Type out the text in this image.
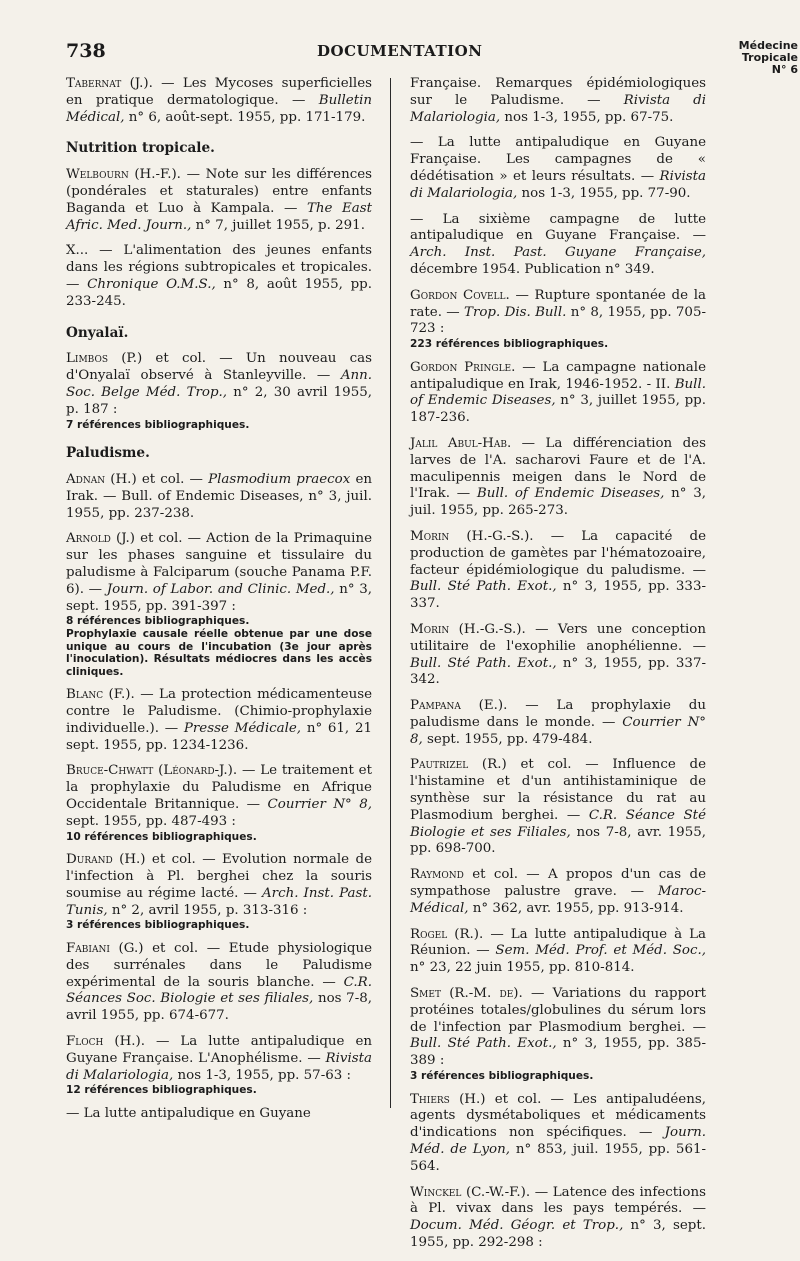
738	DOCUMENTATION	Médecine
Tropicale
N° 6
Tabernat (J.). — Les Mycoses superficielles en pratique dermatologique. — Bulletin Médical, n° 6, août-sept. 1955, pp. 171-179.
Nutrition tropicale.
Welbourn (H.-F.). — Note sur les différences (pondérales et staturales) entre enfants Baganda et Luo à Kampala. — The East Afric. Med. Journ., n° 7, juillet 1955, p. 291.
X... — L'alimentation des jeunes enfants dans les régions subtropicales et tropicales. — Chronique O.M.S., n° 8, août 1955, pp. 233-245.
Onyalaï.
Limbos (P.) et col. — Un nouveau cas d'Onyalaï observé à Stanleyville. — Ann. Soc. Belge Méd. Trop., n° 2, 30 avril 1955, p. 187 :
7 références bibliographiques.
Paludisme.
Adnan (H.) et col. — Plasmodium praecox en Irak. — Bull. of Endemic Diseases, n° 3, juil. 1955, pp. 237-238.
Arnold (J.) et col. — Action de la Primaquine sur les phases sanguine et tissulaire du paludisme à Falciparum (souche Panama P.F. 6). — Journ. of Labor. and Clinic. Med., n° 3, sept. 1955, pp. 391-397 :
8 références bibliographiques.
Prophylaxie causale réelle obtenue par une dose unique au cours de l'incubation (3e jour après l'inoculation). Résultats médiocres dans les accès cliniques.
Blanc (F.). — La protection médicamenteuse contre le Paludisme. (Chimio-prophylaxie individuelle.). — Presse Médicale, n° 61, 21 sept. 1955, pp. 1234-1236.
Bruce-Chwatt (Léonard-J.). — Le traitement et la prophylaxie du Paludisme en Afrique Occidentale Britannique. — Courrier N° 8, sept. 1955, pp. 487-493 :
10 références bibliographiques.
Durand (H.) et col. — Evolution normale de l'infection à Pl. berghei chez la souris soumise au régime lacté. — Arch. Inst. Past. Tunis, n° 2, avril 1955, p. 313-316 :
3 références bibliographiques.
Fabiani (G.) et col. — Etude physiologique des surrénales dans le Paludisme expérimental de la souris blanche. — C.R. Séances Soc. Biologie et ses filiales, nos 7-8, avril 1955, pp. 674-677.
Floch (H.). — La lutte antipaludique en Guyane Française. L'Anophélisme. — Rivista di Malariologia, nos 1-3, 1955, pp. 57-63 :
12 références bibliographiques.
— La lutte antipaludique en Guyane
Française. Remarques épidémiologiques sur le Paludisme. — Rivista di Malariologia, nos 1-3, 1955, pp. 67-75.
— La lutte antipaludique en Guyane Française. Les campagnes de « dédétisation » et leurs résultats. — Rivista di Malariologia, nos 1-3, 1955, pp. 77-90.
— La sixième campagne de lutte antipaludique en Guyane Française. — Arch. Inst. Past. Guyane Française, décembre 1954. Publication n° 349.
Gordon Covell. — Rupture spontanée de la rate. — Trop. Dis. Bull. n° 8, 1955, pp. 705-723 :
223 références bibliographiques.
Gordon Pringle. — La campagne nationale antipaludique en Irak, 1946-1952. - II. Bull. of Endemic Diseases, n° 3, juillet 1955, pp. 187-236.
Jalil Abul-Hab. — La différenciation des larves de l'A. sacharovi Faure et de l'A. maculipennis meigen dans le Nord de l'Irak. — Bull. of Endemic Diseases, n° 3, juil. 1955, pp. 265-273.
Morin (H.-G.-S.). — La capacité de production de gamètes par l'hématozoaire, facteur épidémiologique du paludisme. — Bull. Sté Path. Exot., n° 3, 1955, pp. 333-337.
Morin (H.-G.-S.). — Vers une conception utilitaire de l'exophilie anophélienne. — Bull. Sté Path. Exot., n° 3, 1955, pp. 337-342.
Pampana (E.). — La prophylaxie du paludisme dans le monde. — Courrier N° 8, sept. 1955, pp. 479-484.
Pautrizel (R.) et col. — Influence de l'histamine et d'un antihistaminique de synthèse sur la résistance du rat au Plasmodium berghei. — C.R. Séance Sté Biologie et ses Filiales, nos 7-8, avr. 1955, pp. 698-700.
Raymond et col. — A propos d'un cas de sympathose palustre grave. — Maroc-Médical, n° 362, avr. 1955, pp. 913-914.
Rogel (R.). — La lutte antipaludique à La Réunion. — Sem. Méd. Prof. et Méd. Soc., n° 23, 22 juin 1955, pp. 810-814.
Smet (R.-M. de). — Variations du rapport protéines totales/globulines du sérum lors de l'infection par Plasmodium berghei. — Bull. Sté Path. Exot., n° 3, 1955, pp. 385-389 :
3 références bibliographiques.
Thiers (H.) et col. — Les antipaludéens, agents dysmétaboliques et médicaments d'indications non spécifiques. — Journ. Méd. de Lyon, n° 853, juil. 1955, pp. 561-564.
Winckel (C.-W.-F.). — Latence des infections à Pl. vivax dans les pays tempérés. — Docum. Méd. Géogr. et Trop., n° 3, sept. 1955, pp. 292-298 :
